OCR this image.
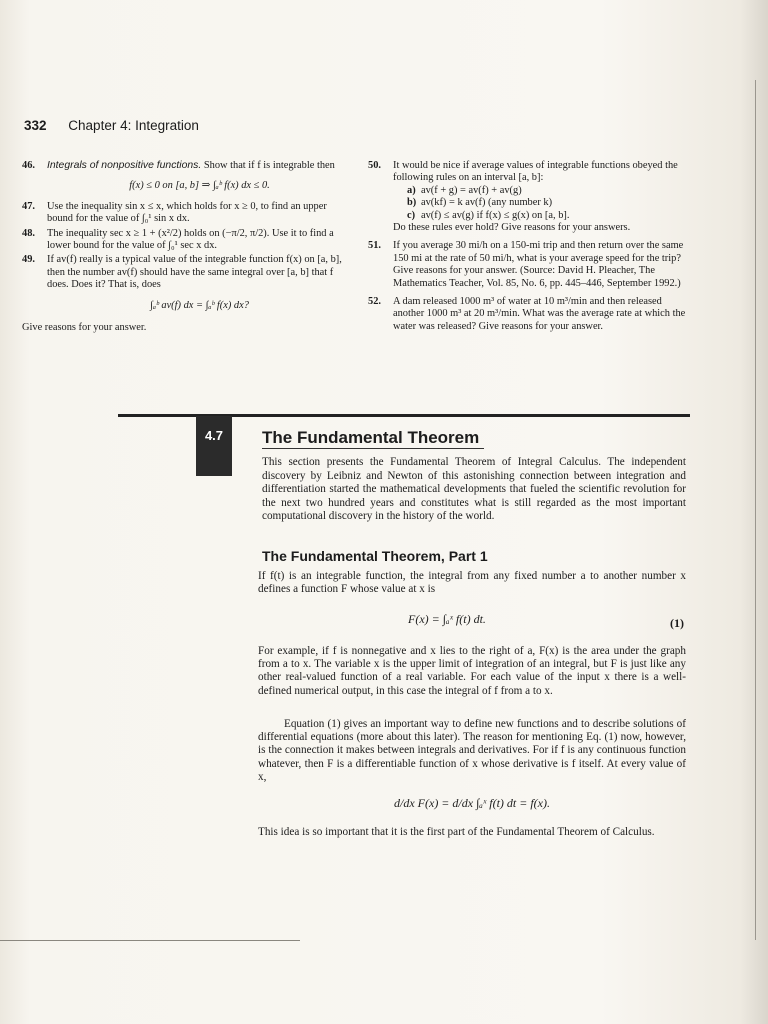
332 Chapter 4: Integration
46. Integrals of nonpositive functions. Show that if f is integrable then
f(x) ≤ 0 on [a, b] ⇒ ∫ₐᵇ f(x) dx ≤ 0.
47. Use the inequality sin x ≤ x, which holds for x ≥ 0, to find an upper bound for the value of ∫₀¹ sin x dx.
48. The inequality sec x ≥ 1 + (x²/2) holds on (−π/2, π/2). Use it to find a lower bound for the value of ∫₀¹ sec x dx.
49. If av(f) really is a typical value of the integrable function f(x) on [a, b], then the number av(f) should have the same integral over [a, b] that f does. Does it? That is, does
∫ₐᵇ av(f) dx = ∫ₐᵇ f(x) dx?
Give reasons for your answer.
50. It would be nice if average values of integrable functions obeyed the following rules on an interval [a, b]:
a) av(f + g) = av(f) + av(g)
b) av(kf) = k av(f) (any number k)
c) av(f) ≤ av(g) if f(x) ≤ g(x) on [a, b].
Do these rules ever hold? Give reasons for your answers.
51. If you average 30 mi/h on a 150-mi trip and then return over the same 150 mi at the rate of 50 mi/h, what is your average speed for the trip? Give reasons for your answer. (Source: David H. Pleacher, The Mathematics Teacher, Vol. 85, No. 6, pp. 445–446, September 1992.)
52. A dam released 1000 m³ of water at 10 m³/min and then released another 1000 m³ at 20 m³/min. What was the average rate at which the water was released? Give reasons for your answer.
4.7	The Fundamental Theorem
This section presents the Fundamental Theorem of Integral Calculus. The independent discovery by Leibniz and Newton of this astonishing connection between integration and differentiation started the mathematical developments that fueled the scientific revolution for the next two hundred years and constitutes what is still regarded as the most important computational discovery in the history of the world.
The Fundamental Theorem, Part 1
If f(t) is an integrable function, the integral from any fixed number a to another number x defines a function F whose value at x is
F(x) = ∫ₐˣ f(t) dt.	(1)
For example, if f is nonnegative and x lies to the right of a, F(x) is the area under the graph from a to x. The variable x is the upper limit of integration of an integral, but F is just like any other real-valued function of a real variable. For each value of the input x there is a well-defined numerical output, in this case the integral of f from a to x.
Equation (1) gives an important way to define new functions and to describe solutions of differential equations (more about this later). The reason for mentioning Eq. (1) now, however, is the connection it makes between integrals and derivatives. For if f is any continuous function whatever, then F is a differentiable function of x whose derivative is f itself. At every value of x,
d/dx F(x) = d/dx ∫ₐˣ f(t) dt = f(x).
This idea is so important that it is the first part of the Fundamental Theorem of Calculus.
